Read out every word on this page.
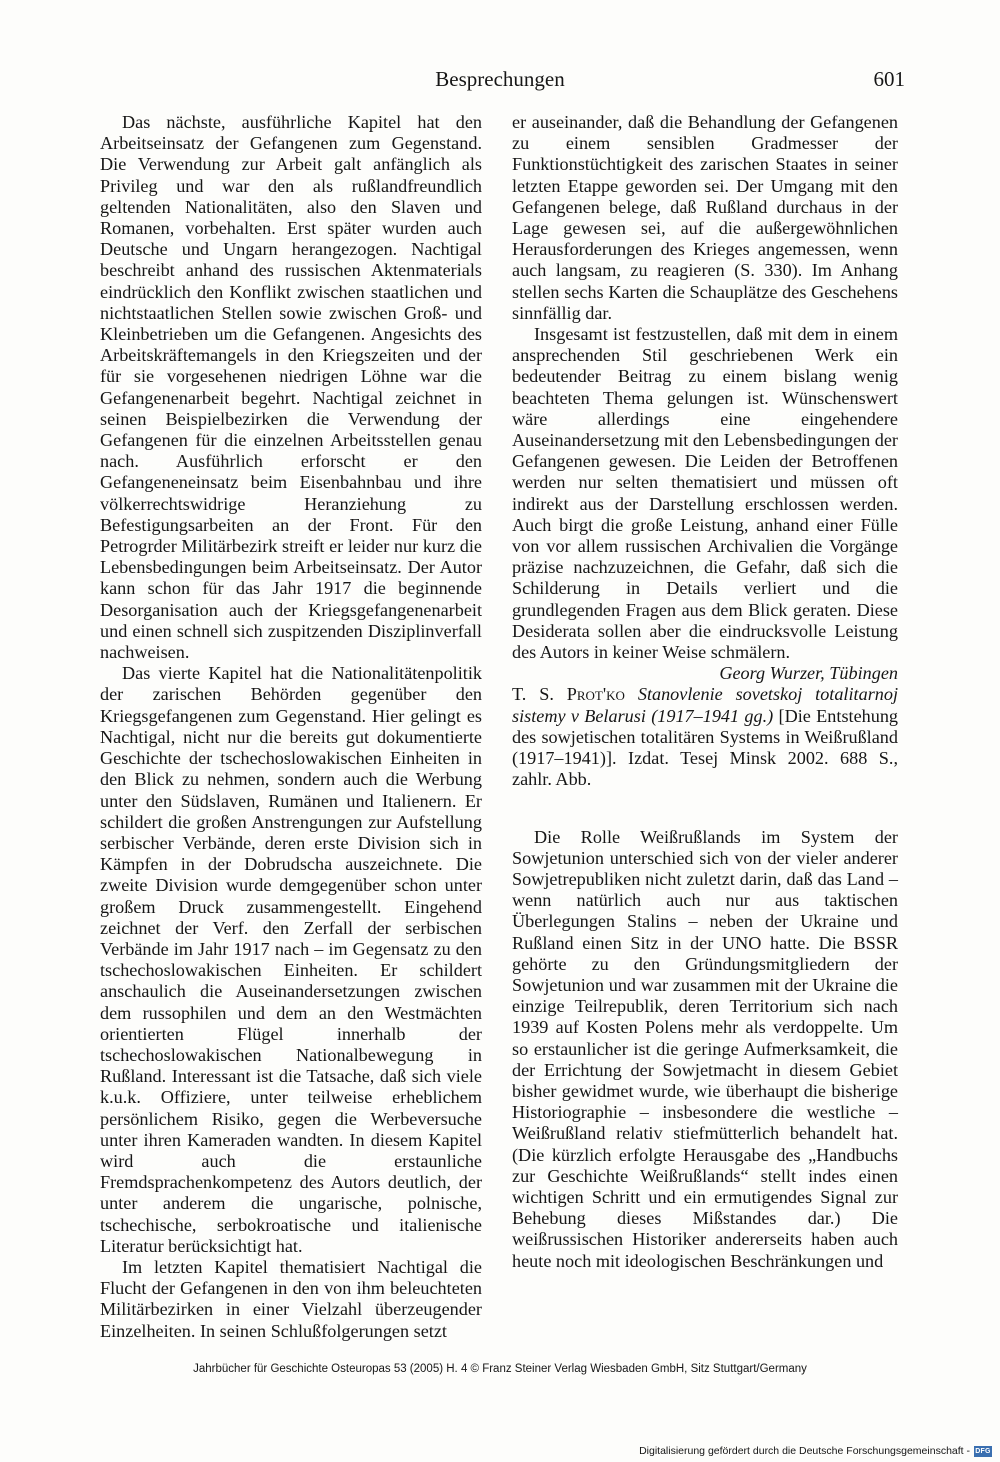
Besprechungen	601

Das nächste, ausführliche Kapitel hat den Arbeitseinsatz der Gefangenen zum Gegenstand. Die Verwendung zur Arbeit galt anfänglich als Privileg und war den als rußlandfreundlich geltenden Nationalitäten, also den Slaven und Romanen, vorbehalten. Erst später wurden auch Deutsche und Ungarn herangezogen. Nachtigal beschreibt anhand des russischen Aktenmaterials eindrücklich den Konflikt zwischen staatlichen und nichtstaatlichen Stellen sowie zwischen Groß- und Kleinbetrieben um die Gefangenen. Angesichts des Arbeitskräftemangels in den Kriegszeiten und der für sie vorgesehenen niedrigen Löhne war die Gefangenenarbeit begehrt. Nachtigal zeichnet in seinen Beispielbezirken die Verwendung der Gefangenen für die einzelnen Arbeitsstellen genau nach. Ausführlich erforscht er den Gefangeneneinsatz beim Eisenbahnbau und ihre völkerrechtswidrige Heranziehung zu Befestigungsarbeiten an der Front. Für den Petrogrder Militärbezirk streift er leider nur kurz die Lebensbedingungen beim Arbeitseinsatz. Der Autor kann schon für das Jahr 1917 die beginnende Desorganisation auch der Kriegsgefangenenarbeit und einen schnell sich zuspitzenden Disziplinverfall nachweisen.

Das vierte Kapitel hat die Nationalitätenpolitik der zarischen Behörden gegenüber den Kriegsgefangenen zum Gegenstand. Hier gelingt es Nachtigal, nicht nur die bereits gut dokumentierte Geschichte der tschechoslowakischen Einheiten in den Blick zu nehmen, sondern auch die Werbung unter den Südslaven, Rumänen und Italienern. Er schildert die großen Anstrengungen zur Aufstellung serbischer Verbände, deren erste Division sich in Kämpfen in der Dobrudscha auszeichnete. Die zweite Division wurde demgegenüber schon unter großem Druck zusammengestellt. Eingehend zeichnet der Verf. den Zerfall der serbischen Verbände im Jahr 1917 nach – im Gegensatz zu den tschechoslowakischen Einheiten. Er schildert anschaulich die Auseinandersetzungen zwischen dem russophilen und dem an den Westmächten orientierten Flügel innerhalb der tschechoslowakischen Nationalbewegung in Rußland. Interessant ist die Tatsache, daß sich viele k.u.k. Offiziere, unter teilweise erheblichem persönlichem Risiko, gegen die Werbeversuche unter ihren Kameraden wandten. In diesem Kapitel wird auch die erstaunliche Fremdsprachenkompetenz des Autors deutlich, der unter anderem die ungarische, polnische, tschechische, serbokroatische und italienische Literatur berücksichtigt hat.

Im letzten Kapitel thematisiert Nachtigal die Flucht der Gefangenen in den von ihm beleuchteten Militärbezirken in einer Vielzahl überzeugender Einzelheiten. In seinen Schlußfolgerungen setzt

er auseinander, daß die Behandlung der Gefangenen zu einem sensiblen Gradmesser der Funktionstüchtigkeit des zarischen Staates in seiner letzten Etappe geworden sei. Der Umgang mit den Gefangenen belege, daß Rußland durchaus in der Lage gewesen sei, auf die außergewöhnlichen Herausforderungen des Krieges angemessen, wenn auch langsam, zu reagieren (S. 330). Im Anhang stellen sechs Karten die Schauplätze des Geschehens sinnfällig dar.

Insgesamt ist festzustellen, daß mit dem in einem ansprechenden Stil geschriebenen Werk ein bedeutender Beitrag zu einem bislang wenig beachteten Thema gelungen ist. Wünschenswert wäre allerdings eine eingehendere Auseinandersetzung mit den Lebensbedingungen der Gefangenen gewesen. Die Leiden der Betroffenen werden nur selten thematisiert und müssen oft indirekt aus der Darstellung erschlossen werden. Auch birgt die große Leistung, anhand einer Fülle von vor allem russischen Archivalien die Vorgänge präzise nachzuzeichnen, die Gefahr, daß sich die Schilderung in Details verliert und die grundlegenden Fragen aus dem Blick geraten. Diese Desiderata sollen aber die eindrucksvolle Leistung des Autors in keiner Weise schmälern.

Georg Wurzer, Tübingen

T. S. Prot'ko Stanovlenie sovetskoj totalitarnoj sistemy v Belarusi (1917–1941 gg.) [Die Entstehung des sowjetischen totalitären Systems in Weißrußland (1917–1941)]. Izdat. Tesej Minsk 2002. 688 S., zahlr. Abb.

Die Rolle Weißrußlands im System der Sowjetunion unterschied sich von der vieler anderer Sowjetrepubliken nicht zuletzt darin, daß das Land – wenn natürlich auch nur aus taktischen Überlegungen Stalins – neben der Ukraine und Rußland einen Sitz in der UNO hatte. Die BSSR gehörte zu den Gründungsmitgliedern der Sowjetunion und war zusammen mit der Ukraine die einzige Teilrepublik, deren Territorium sich nach 1939 auf Kosten Polens mehr als verdoppelte. Um so erstaunlicher ist die geringe Aufmerksamkeit, die der Errichtung der Sowjetmacht in diesem Gebiet bisher gewidmet wurde, wie überhaupt die bisherige Historiographie – insbesondere die westliche – Weißrußland relativ stiefmütterlich behandelt hat. (Die kürzlich erfolgte Herausgabe des „Handbuchs zur Geschichte Weißrußlands“ stellt indes einen wichtigen Schritt und ein ermutigendes Signal zur Behebung dieses Mißstandes dar.) Die weißrussischen Historiker andererseits haben auch heute noch mit ideologischen Beschränkungen und

Jahrbücher für Geschichte Osteuropas 53 (2005) H. 4 © Franz Steiner Verlag Wiesbaden GmbH, Sitz Stuttgart/Germany
Digitalisierung gefördert durch die Deutsche Forschungsgemeinschaft - DFG
